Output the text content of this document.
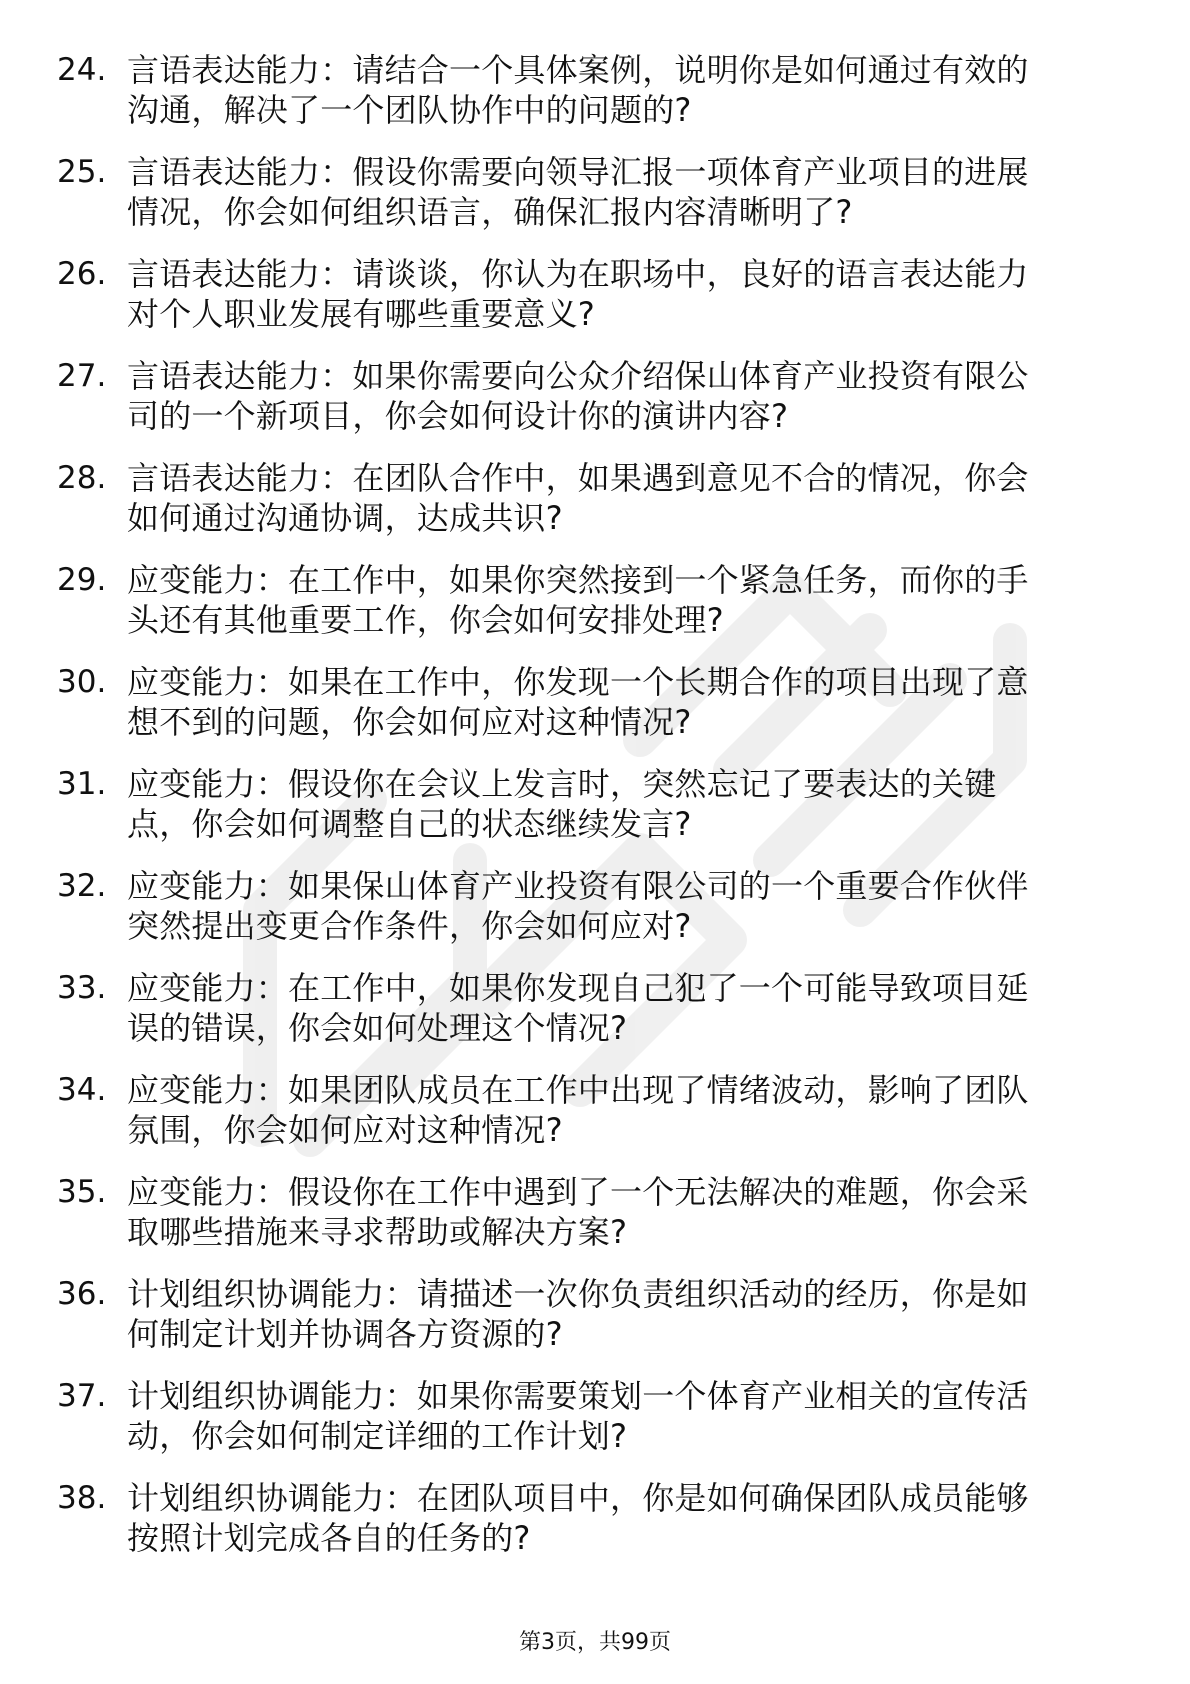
24. 言语表达能力：请结合一个具体案例，说明你是如何通过有效的
沟通，解决了一个团队协作中的问题的?
25. 言语表达能力：假设你需要向领导汇报一项体育产业项目的进展
情况，你会如何组织语言，确保汇报内容清晰明了?
26. 言语表达能力：请谈谈，你认为在职场中，良好的语言表达能力
对个人职业发展有哪些重要意义?
27. 言语表达能力：如果你需要向公众介绍保山体育产业投资有限公
司的一个新项目，你会如何设计你的演讲内容?
28. 言语表达能力：在团队合作中，如果遇到意见不合的情况，你会
如何通过沟通协调，达成共识?
29. 应变能力：在工作中，如果你突然接到一个紧急任务，而你的手
头还有其他重要工作，你会如何安排处理?
30. 应变能力：如果在工作中，你发现一个长期合作的项目出现了意
想不到的问题，你会如何应对这种情况?
31. 应变能力：假设你在会议上发言时，突然忘记了要表达的关键
点，你会如何调整自己的状态继续发言?
32. 应变能力：如果保山体育产业投资有限公司的一个重要合作伙伴
突然提出变更合作条件，你会如何应对?
33. 应变能力：在工作中，如果你发现自己犯了一个可能导致项目延
误的错误，你会如何处理这个情况?
34. 应变能力：如果团队成员在工作中出现了情绪波动，影响了团队
氛围，你会如何应对这种情况?
35. 应变能力：假设你在工作中遇到了一个无法解决的难题，你会采
取哪些措施来寻求帮助或解决方案?
36. 计划组织协调能力：请描述一次你负责组织活动的经历，你是如
何制定计划并协调各方资源的?
37. 计划组织协调能力：如果你需要策划一个体育产业相关的宣传活
动，你会如何制定详细的工作计划?
38. 计划组织协调能力：在团队项目中，你是如何确保团队成员能够
按照计划完成各自的任务的?
第3页，共99页
